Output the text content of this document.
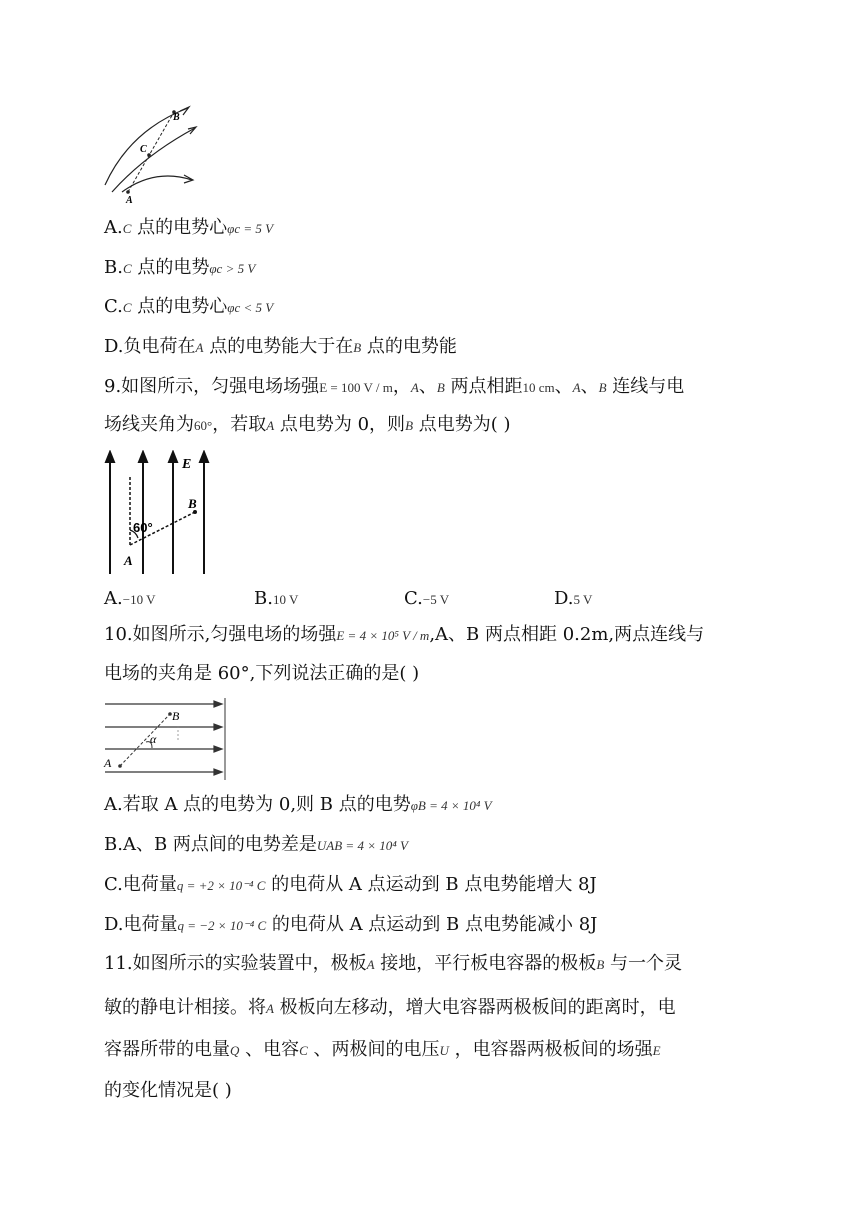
B
C
A
A.C 点的电势心φc = 5 V
B.C 点的电势φc > 5 V
C.C 点的电势心φc < 5 V
D.负电荷在A 点的电势能大于在B 点的电势能
9.如图所示，匀强电场场强E = 100 V / m，A、B 两点相距10 cm、A、B 连线与电
场线夹角为60°，若取A 点电势为 0，则B 点电势为( )
E
B
60°
A
A.−10 V	B.10 V	C.−5 V	D.5 V
10.如图所示,匀强电场的场强E = 4 × 10⁵ V / m,A、B 两点相距 0.2m,两点连线与
电场的夹角是 60°,下列说法正确的是( )
B
α
A
A.若取 A 点的电势为 0,则 B 点的电势φB = 4 × 10⁴ V
B.A、B 两点间的电势差是UAB = 4 × 10⁴ V
C.电荷量q = +2 × 10⁻⁴ C 的电荷从 A 点运动到 B 点电势能增大 8J
D.电荷量q = −2 × 10⁻⁴ C 的电荷从 A 点运动到 B 点电势能减小 8J
11.如图所示的实验装置中，极板A 接地，平行板电容器的极板B 与一个灵
敏的静电计相接。将A 极板向左移动，增大电容器两极板间的距离时，电
容器所带的电量Q 、电容C 、两极间的电压U ，电容器两极板间的场强E
的变化情况是( )
